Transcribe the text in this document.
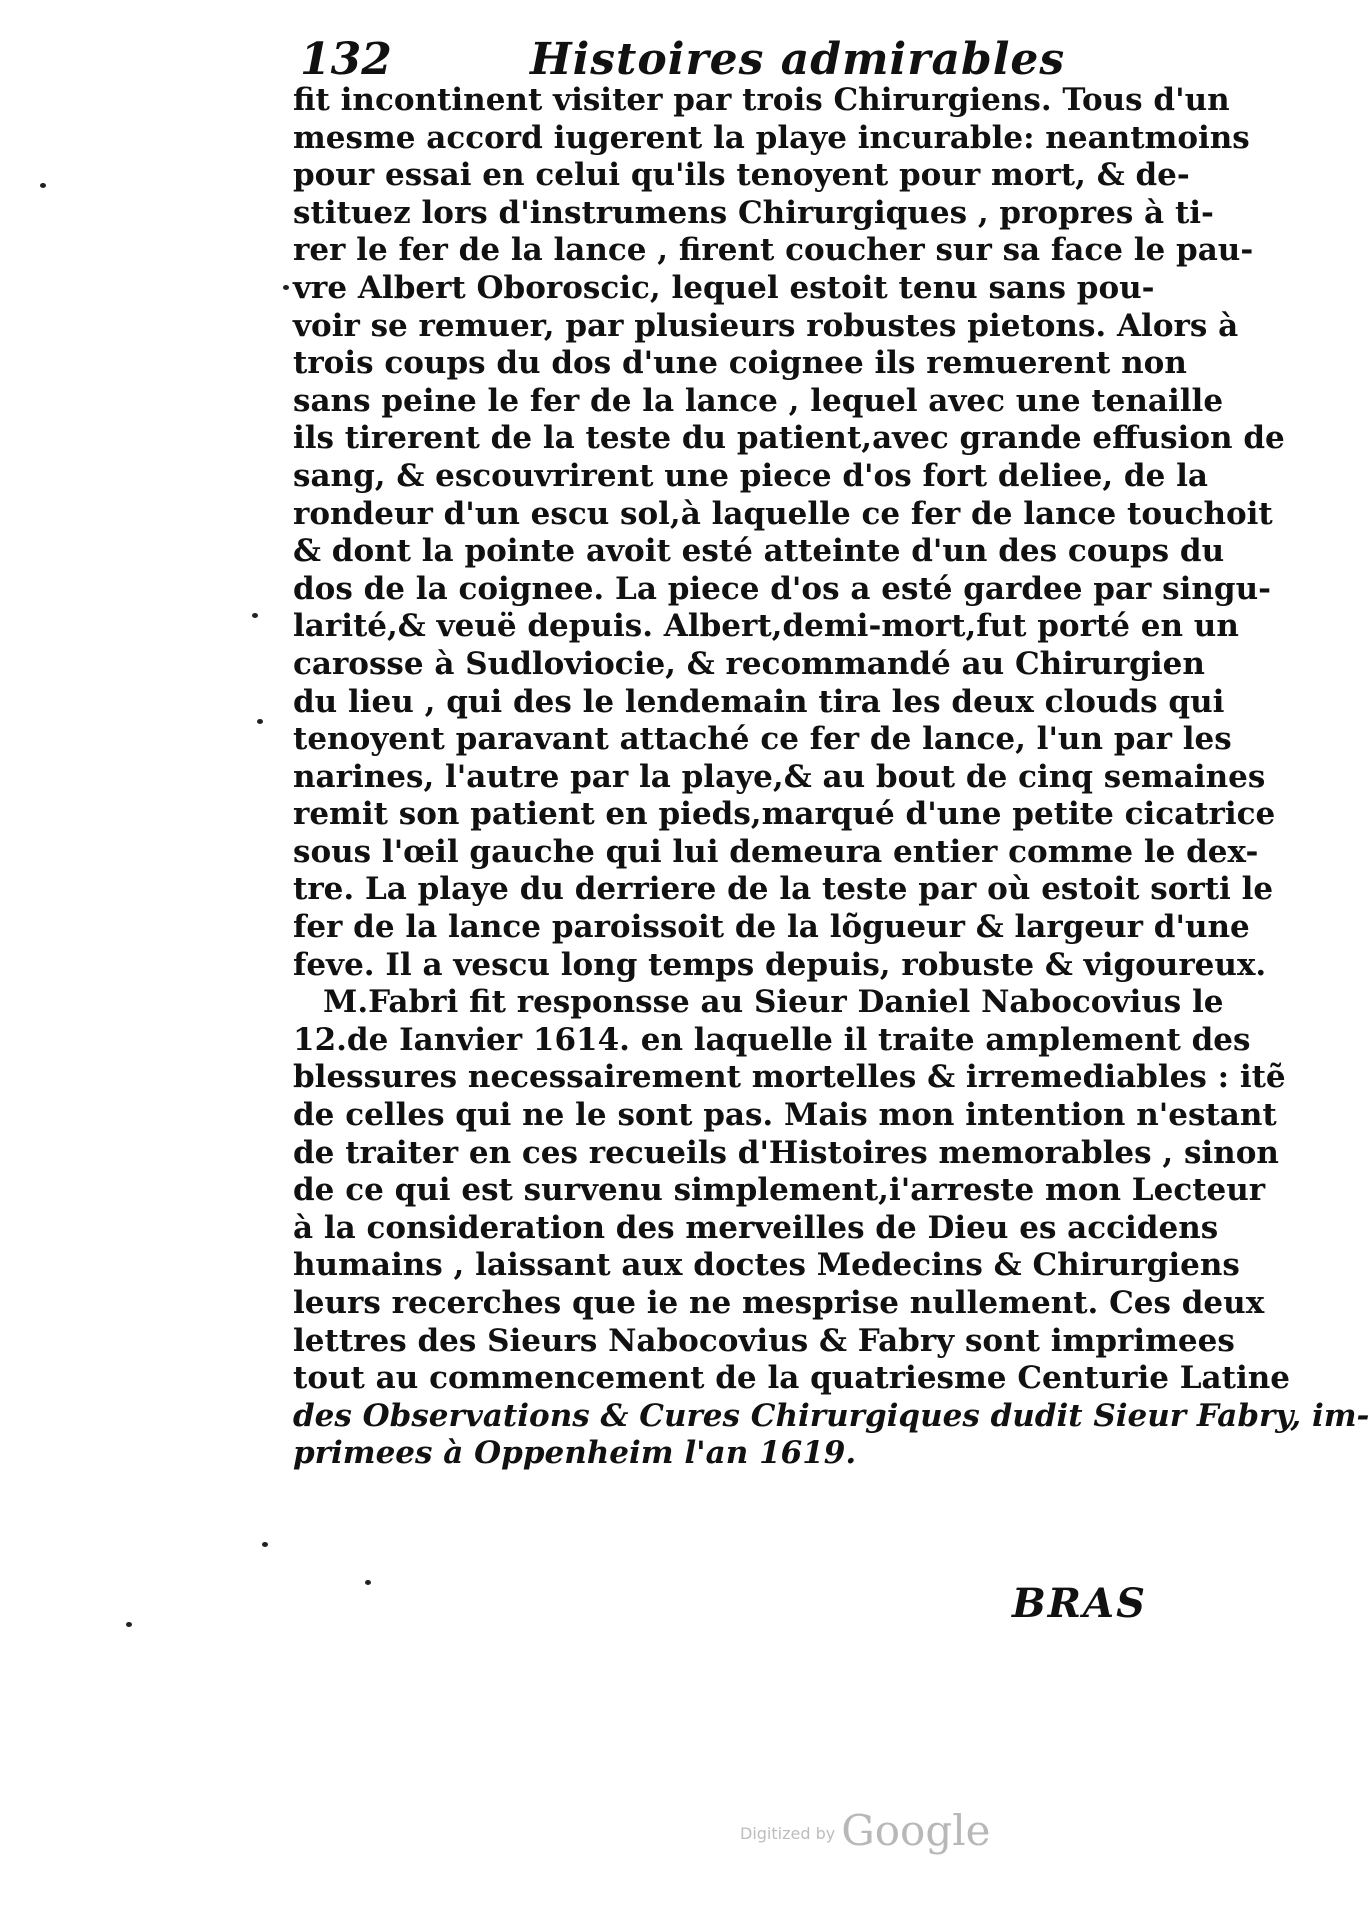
132	Histoires admirables
fit incontinent visiter par trois Chirurgiens. Tous d'un
mesme accord iugerent la playe incurable: neantmoins
pour essai en celui qu'ils tenoyent pour mort, & de-
stituez lors d'instrumens Chirurgiques , propres à ti-
rer le fer de la lance , firent coucher sur sa face le pau-
vre Albert Oboroscic, lequel estoit tenu sans pou-
voir se remuer, par plusieurs robustes pietons. Alors à
trois coups du dos d'une coignee ils remuerent non
sans peine le fer de la lance , lequel avec une tenaille
ils tirerent de la teste du patient,avec grande effusion de
sang, & escouvrirent une piece d'os fort deliee, de la
rondeur d'un escu sol,à laquelle ce fer de lance touchoit
& dont la pointe avoit esté atteinte d'un des coups du
dos de la coignee. La piece d'os a esté gardee par singu-
larité,& veuë depuis. Albert,demi-mort,fut porté en un
carosse à Sudloviocie, & recommandé au Chirurgien
du lieu , qui des le lendemain tira les deux clouds qui
tenoyent paravant attaché ce fer de lance, l'un par les
narines, l'autre par la playe,& au bout de cinq semaines
remit son patient en pieds,marqué d'une petite cicatrice
sous l'œil gauche qui lui demeura entier comme le dex-
tre. La playe du derriere de la teste par où estoit sorti le
fer de la lance paroissoit de la lõgueur & largeur d'une
feve. Il a vescu long temps depuis, robuste & vigoureux.
M.Fabri fit responsse au Sieur Daniel Nabocovius le
12.de Ianvier 1614. en laquelle il traite amplement des
blessures necessairement mortelles & irremediables : itẽ
de celles qui ne le sont pas. Mais mon intention n'estant
de traiter en ces recueils d'Histoires memorables , sinon
de ce qui est survenu simplement,i'arreste mon Lecteur
à la consideration des merveilles de Dieu es accidens
humains , laissant aux doctes Medecins & Chirurgiens
leurs recerches que ie ne mesprise nullement. Ces deux
lettres des Sieurs Nabocovius & Fabry sont imprimees
tout au commencement de la quatriesme Centurie Latine
des Observations & Cures Chirurgiques dudit Sieur Fabry, im-
primees à Oppenheim l'an 1619.
BRAS
Digitized by Google
